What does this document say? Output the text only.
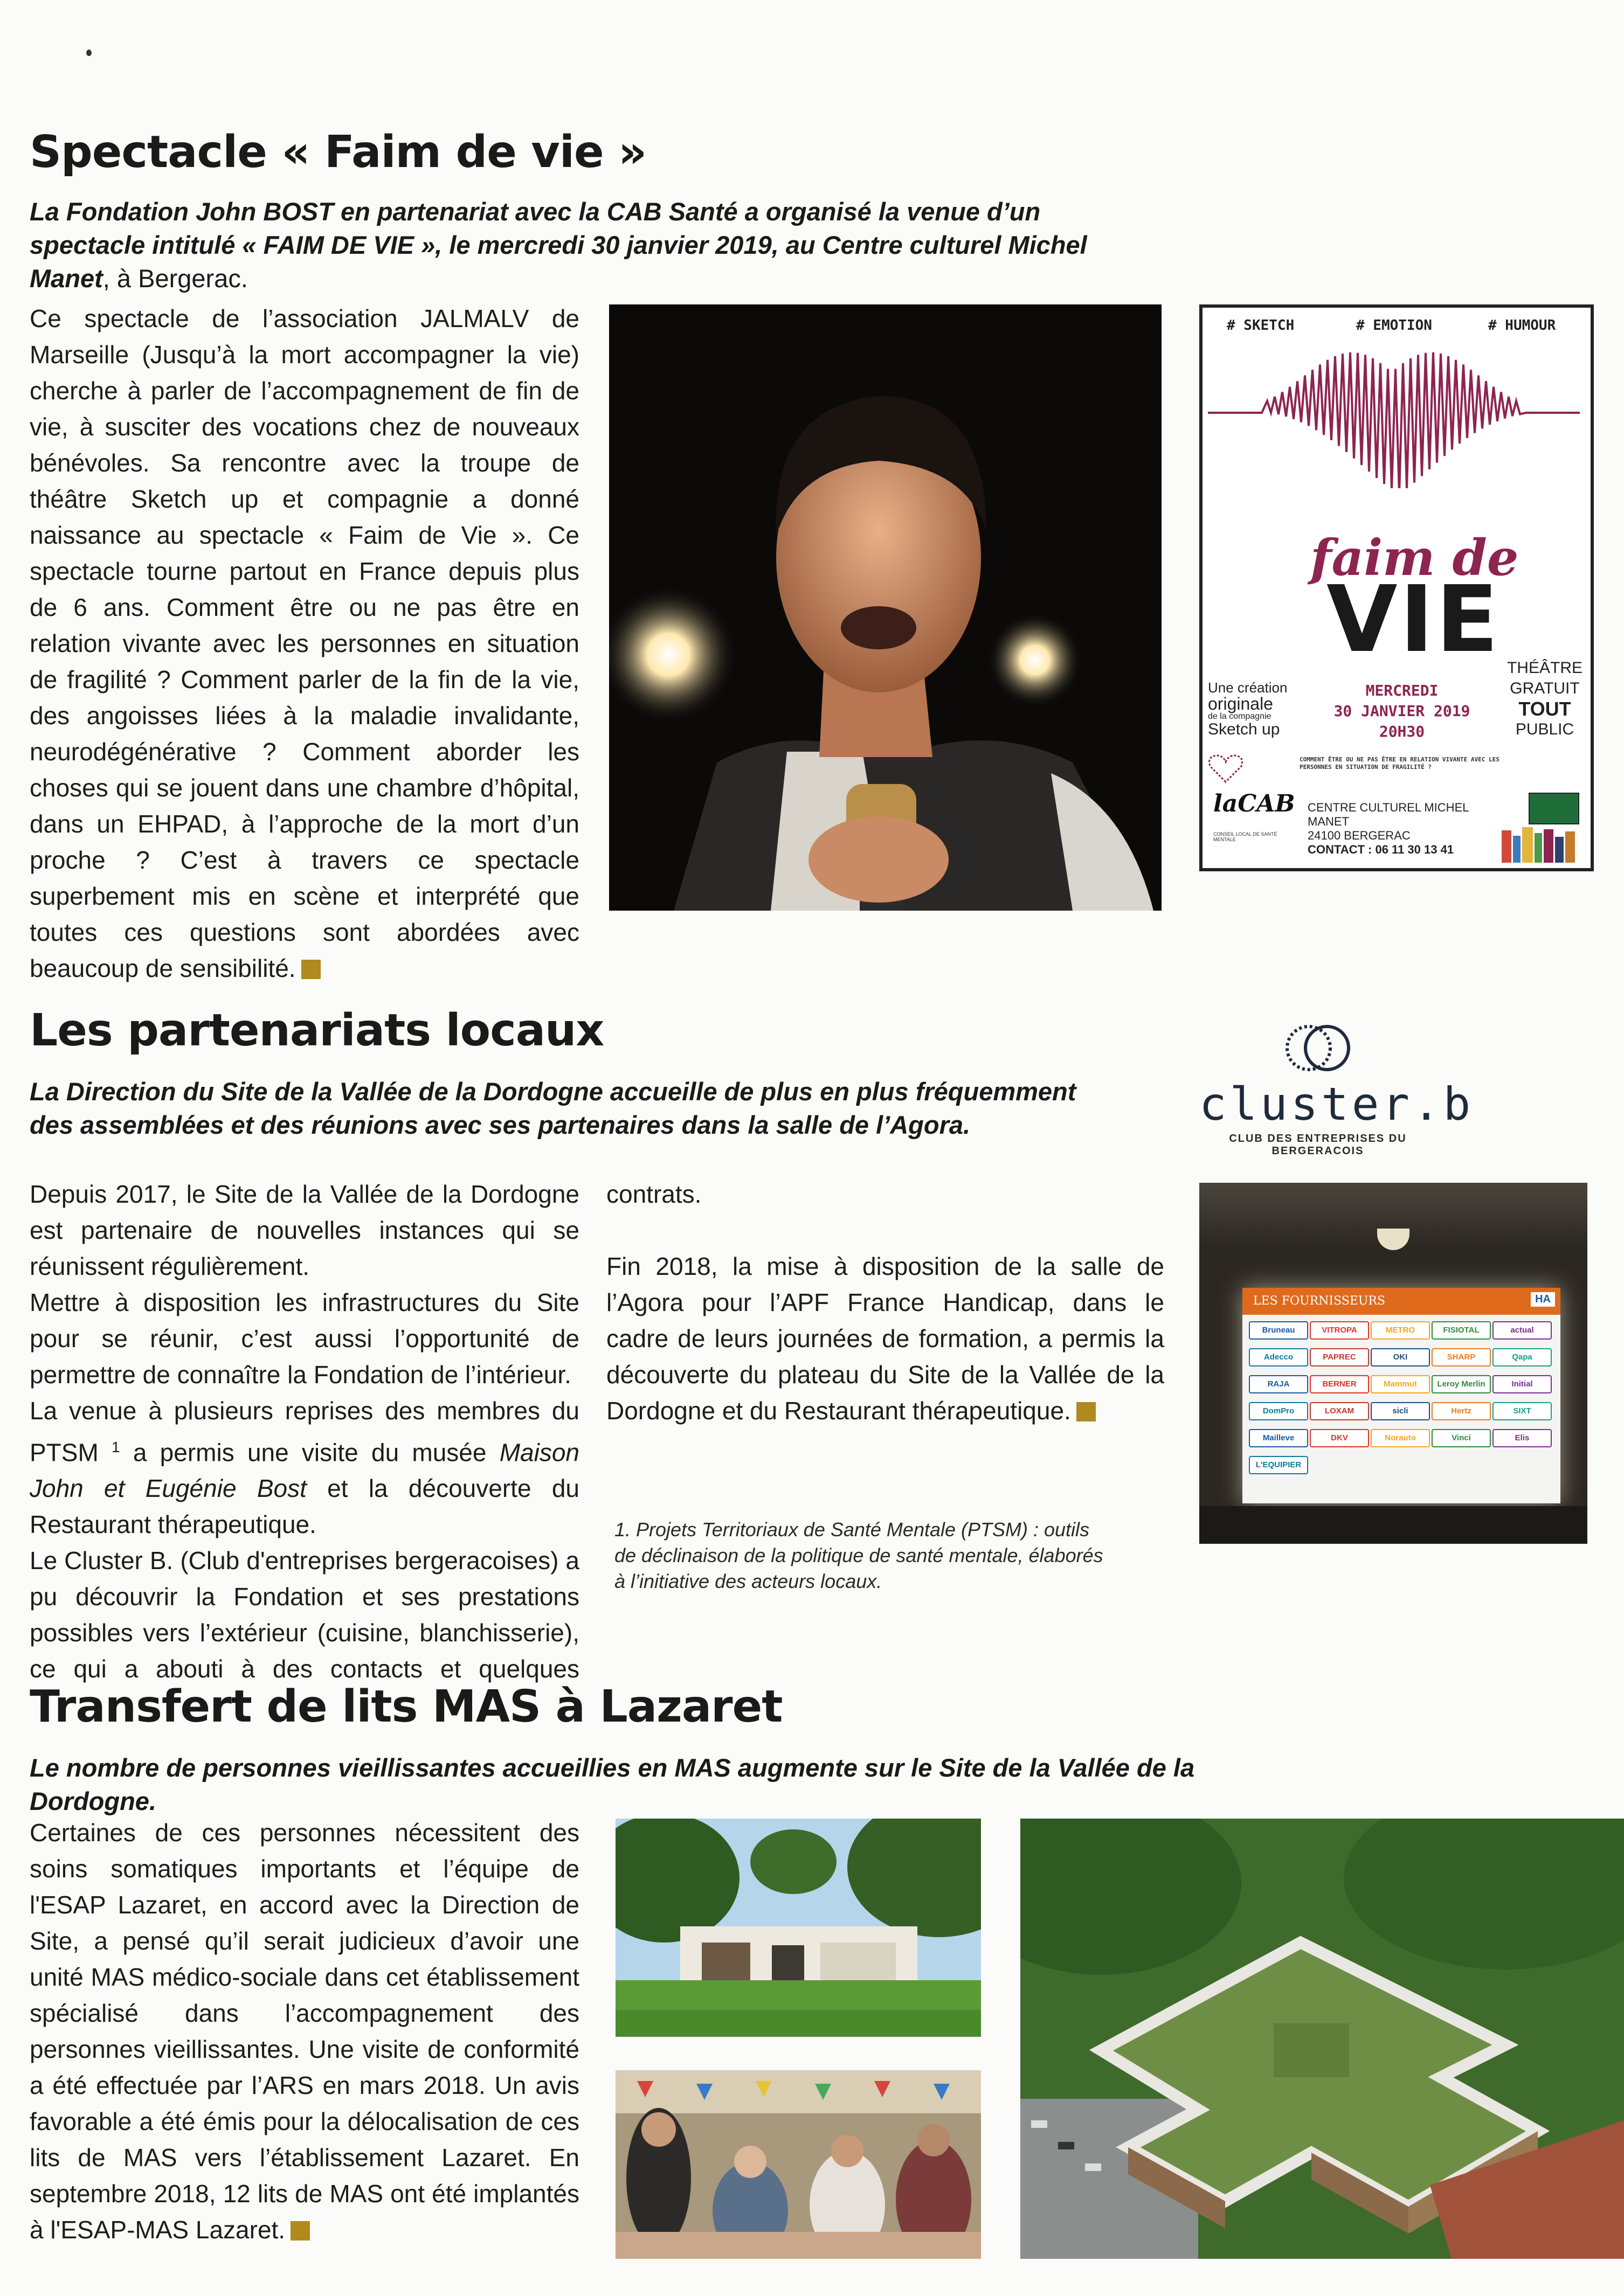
Spectacle « Faim de vie »

La Fondation John BOST en partenariat avec la CAB Santé a organisé la venue d’un spectacle intitulé « FAIM DE VIE », le mercredi 30 janvier 2019, au Centre culturel Michel Manet, à Bergerac.

Ce spectacle de l’association JALMALV de Marseille (Jusqu’à la mort accompagner la vie) cherche à parler de l’accompagnement de fin de vie, à susciter des vocations chez de nouveaux bénévoles. Sa rencontre avec la troupe de théâtre Sketch up et compagnie a donné naissance au spectacle « Faim de Vie ». Ce spectacle tourne partout en France depuis plus de 6 ans. Comment être ou ne pas être en relation vivante avec les personnes en situation de fragilité ? Comment parler de la fin de la vie, des angoisses liées à la maladie invalidante, neurodégénérative ? Comment aborder les choses qui se jouent dans une chambre d’hôpital, dans un EHPAD, à l’approche de la mort d’un proche ? C’est à travers ce spectacle superbement mis en scène et interprété que toutes ces questions sont abordées avec beaucoup de sensibilité.
# SKETCH	# EMOTION	# HUMOUR
faim de
VIE
Une création
originale
de la compagnie
Sketch up
MERCREDI
30 JANVIER 2019
20H30
THÉÂTRE
GRATUIT
TOUT
PUBLIC
COMMENT ÊTRE OU NE PAS ÊTRE EN RELATION VIVANTE AVEC LES PERSONNES EN SITUATION DE FRAGILITÉ ?
laCAB
CONSEIL LOCAL DE SANTÉ MENTALE
CENTRE CULTUREL MICHEL MANET
24100 BERGERAC
CONTACT : 06 11 30 13 41
Les partenariats locaux

La Direction du Site de la Vallée de la Dordogne accueille de plus en plus fréquemment des assemblées et des réunions avec ses partenaires dans la salle de l’Agora.	cluster.b
CLUB DES ENTREPRISES DU BERGERACOIS

Depuis 2017, le Site de la Vallée de la Dordogne est partenaire de nouvelles instances qui se réunissent régulièrement.

Mettre à disposition les infrastructures du Site pour se réunir, c’est aussi l’opportunité de permettre de connaître la Fondation de l’intérieur.

La venue à plusieurs reprises des membres du PTSM $^1$ a permis une visite du musée Maison John et Eugénie Bost et la découverte du Restaurant thérapeutique.

Le Cluster B. (Club d'entreprises bergeracoises) a pu découvrir la Fondation et ses prestations possibles vers l’extérieur (cuisine, blanchisserie), ce qui a abouti à des contacts et quelques

contrats.

Fin 2018, la mise à disposition de la salle de l’Agora pour l’APF France Handicap, dans le cadre de leurs journées de formation, a permis la découverte du plateau du Site de la Vallée de la Dordogne et du Restaurant thérapeutique.

1. Projets Territoriaux de Santé Mentale (PTSM) : outils de déclinaison de la politique de santé mentale, élaborés à l’initiative des acteurs locaux.
LES FOURNISSEURS	HA
Bruneau	VITROPA	METRO	FISIOTAL	actual
Adecco	PAPREC	OKI	SHARP	Qapa
RAJA	BERNER	Mammut	Leroy Merlin	Initial
DomPro	LOXAM	sicli	Hertz	SIXT
Mailleve	DKV	Norauto	Vinci	Elis
L'EQUIPIER
Transfert de lits MAS à Lazaret

Le nombre de personnes vieillissantes accueillies en MAS augmente sur le Site de la Vallée de la Dordogne.

Certaines de ces personnes nécessitent des soins somatiques importants et l’équipe de l'ESAP Lazaret, en accord avec la Direction de Site, a pensé qu’il serait judicieux d’avoir une unité MAS médico-sociale dans cet établissement spécialisé dans l’accompagnement des personnes vieillissantes. Une visite de conformité a été effectuée par l’ARS en mars 2018. Un avis favorable a été émis pour la délocalisation de ces lits de MAS vers l’établissement Lazaret. En septembre 2018, 12 lits de MAS ont été implantés à l'ESAP-MAS Lazaret.
